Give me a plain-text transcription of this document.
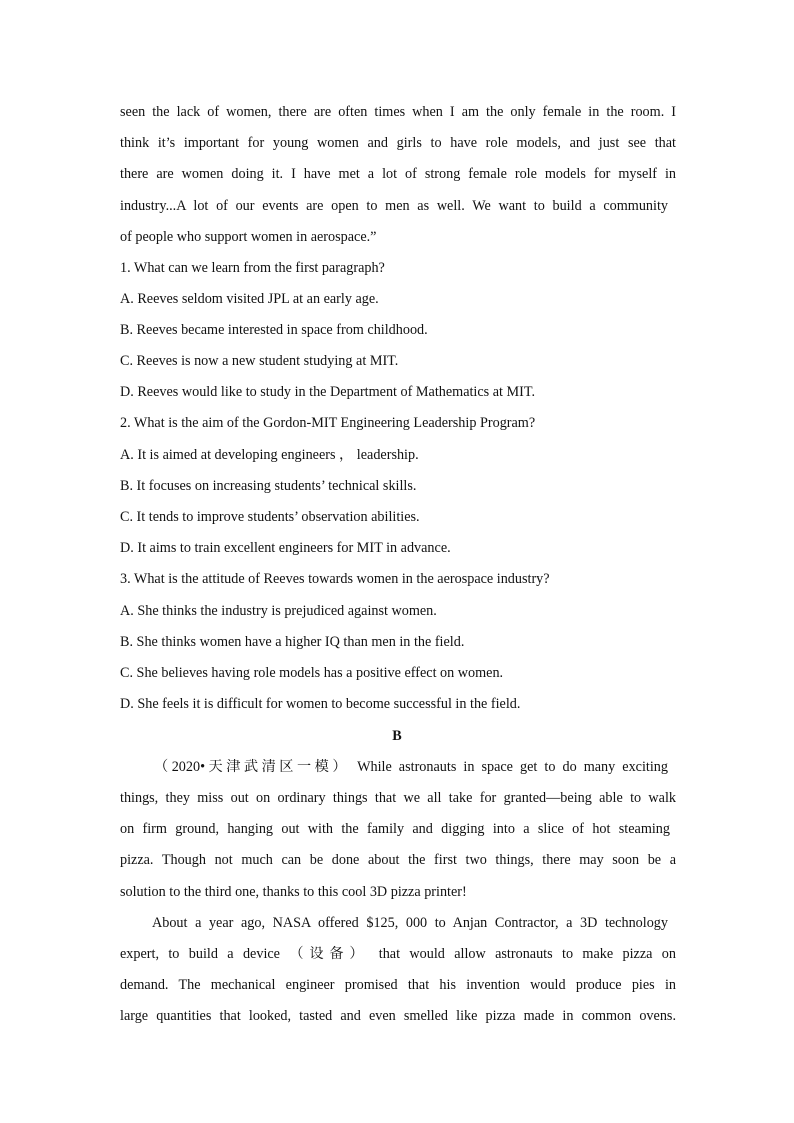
seen the lack of women, there are often times when I am the only female in the room. I
think it’s important for young women and girls to have role models, and just see that
there are women doing it. I have met a lot of strong female role models for myself in
industry...A lot of our events are open to men as well. We want to build a community
of people who support women in aerospace.”
1. What can we learn from the first paragraph?
A. Reeves seldom visited JPL at an early age.
B. Reeves became interested in space from childhood.
C. Reeves is now a new student studying at MIT.
D. Reeves would like to study in the Department of Mathematics at MIT.
2. What is the aim of the Gordon-MIT Engineering Leadership Program?
A. It is aimed at developing engineers ， leadership.
B. It focuses on increasing students’ technical skills.
C. It tends to improve students’ observation abilities.
D. It aims to train excellent engineers for MIT in advance.
3. What is the attitude of Reeves towards women in the aerospace industry?
A. She thinks the industry is prejudiced against women.
B. She thinks women have a higher IQ than men in the field.
C. She believes having role models has a positive effect on women.
D. She feels it is difficult for women to become successful in the field.
B
（2020•天津武清区一模） While astronauts in space get to do many exciting
things, they miss out on ordinary things that we all take for granted—being able to walk
on firm ground, hanging out with the family and digging into a slice of hot steaming
pizza. Though not much can be done about the first two things, there may soon be a
solution to the third one, thanks to this cool 3D pizza printer!
About a year ago, NASA offered $125, 000 to Anjan Contractor, a 3D technology
expert, to build a device （设备） that would allow astronauts to make pizza on
demand. The mechanical engineer promised that his invention would produce pies in
large quantities that looked, tasted and even smelled like pizza made in common ovens.
